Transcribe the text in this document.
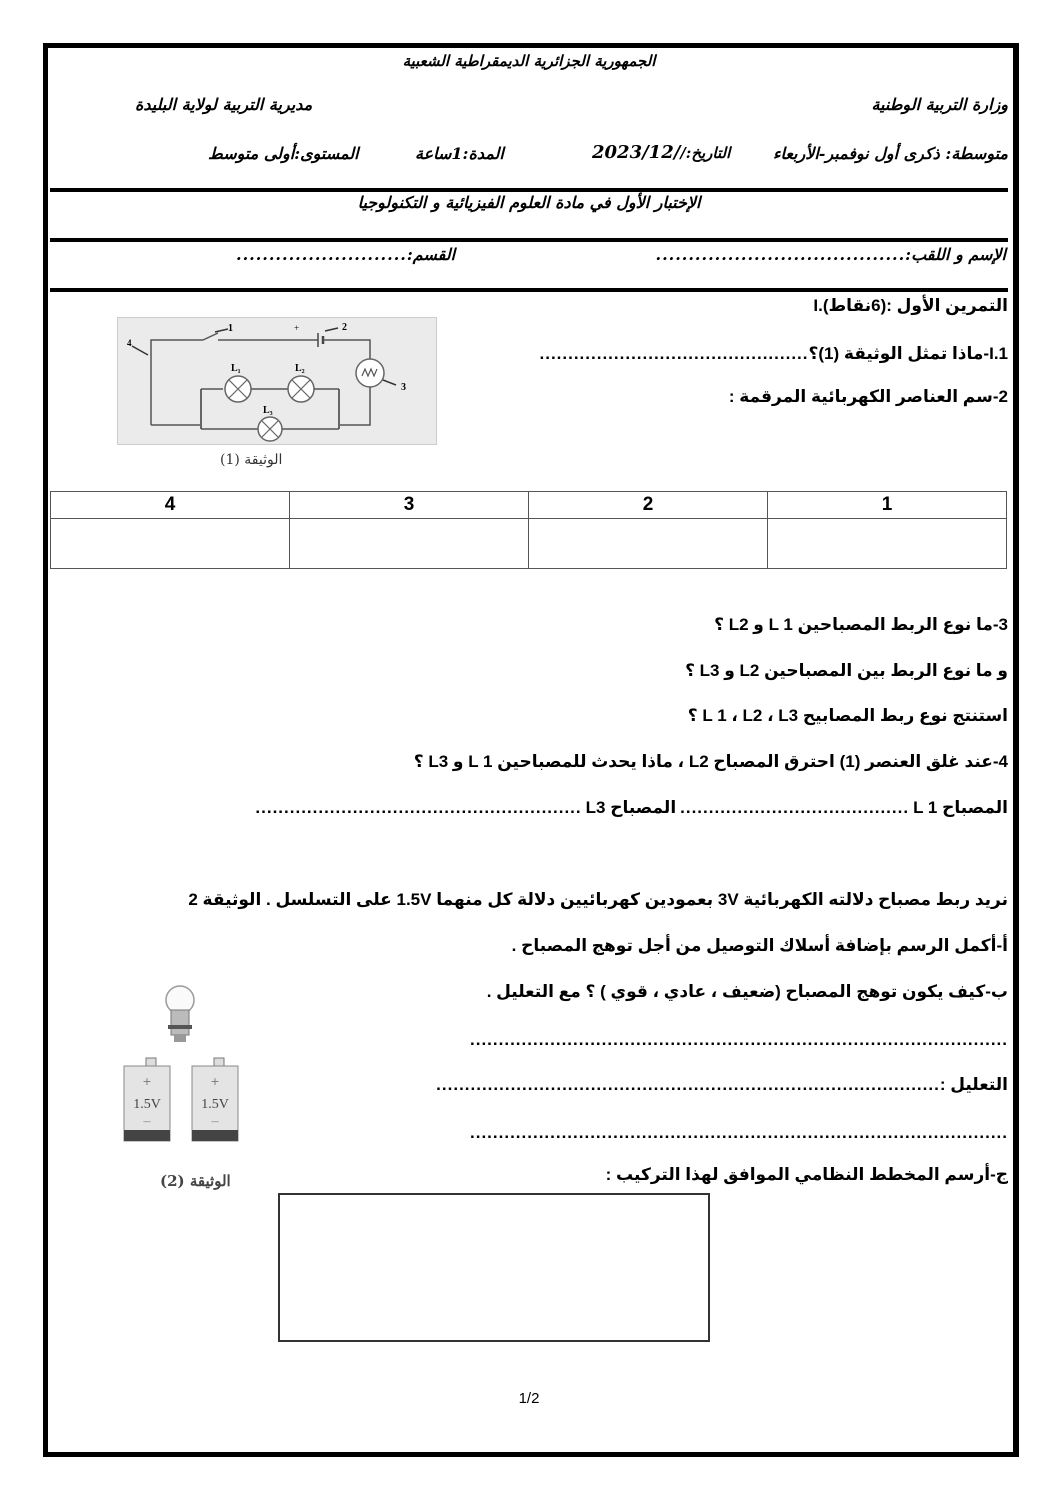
الجمهورية الجزائرية الديمقراطية الشعبية
وزارة التربية الوطنية
مديرية التربية لولاية البليدة
متوسطة: ذكرى أول نوفمبر-الأربعاء
التاريخ:/
2023/12/
المدة:1ساعة
المستوى:أولى متوسط
الإختبار الأول في مادة العلوم الفيزيائية و التكنولوجيا
الإسم و اللقب:
......................................
القسم:
..........................
I.التمرين الأول :(6نقاط)
I.1-ماذا تمثل الوثيقة (1)؟
...............................................
2-سم العناصر الكهربائية المرقمة :
1	2
3
4
+
L₁	L₂
L₃
الوثيقة (1)
4	3	2	1

3-ما نوع الربط المصباحين L 1 و L2 ؟
و ما نوع الربط بين المصباحين L2 و L3 ؟
استنتج نوع ربط المصابيح L 1 ، L2 ، L3 ؟
4-عند غلق العنصر (1) احترق المصباح L2 ، ماذا يحدث للمصباحين L 1 و L3 ؟
المصباح L 1
........................................
المصباح L3
.........................................................
نريد ربط مصباح دلالته الكهربائية 3V بعمودين كهربائيين دلالة كل منهما 1.5V على التسلسل . الوثيقة 2
أ-أكمل الرسم بإضافة أسلاك التوصيل من أجل توهج المصباح .
ب-كيف يكون توهج المصباح (ضعيف ، عادي ، قوي ) ؟ مع التعليل .
..............................................................................................
التعليل :
........................................................................................
..............................................................................................
ج-أرسم المخطط النظامي الموافق لهذا التركيب :
+
1.5V
—
+
1.5V
—
الوثيقة (2)
1/2
